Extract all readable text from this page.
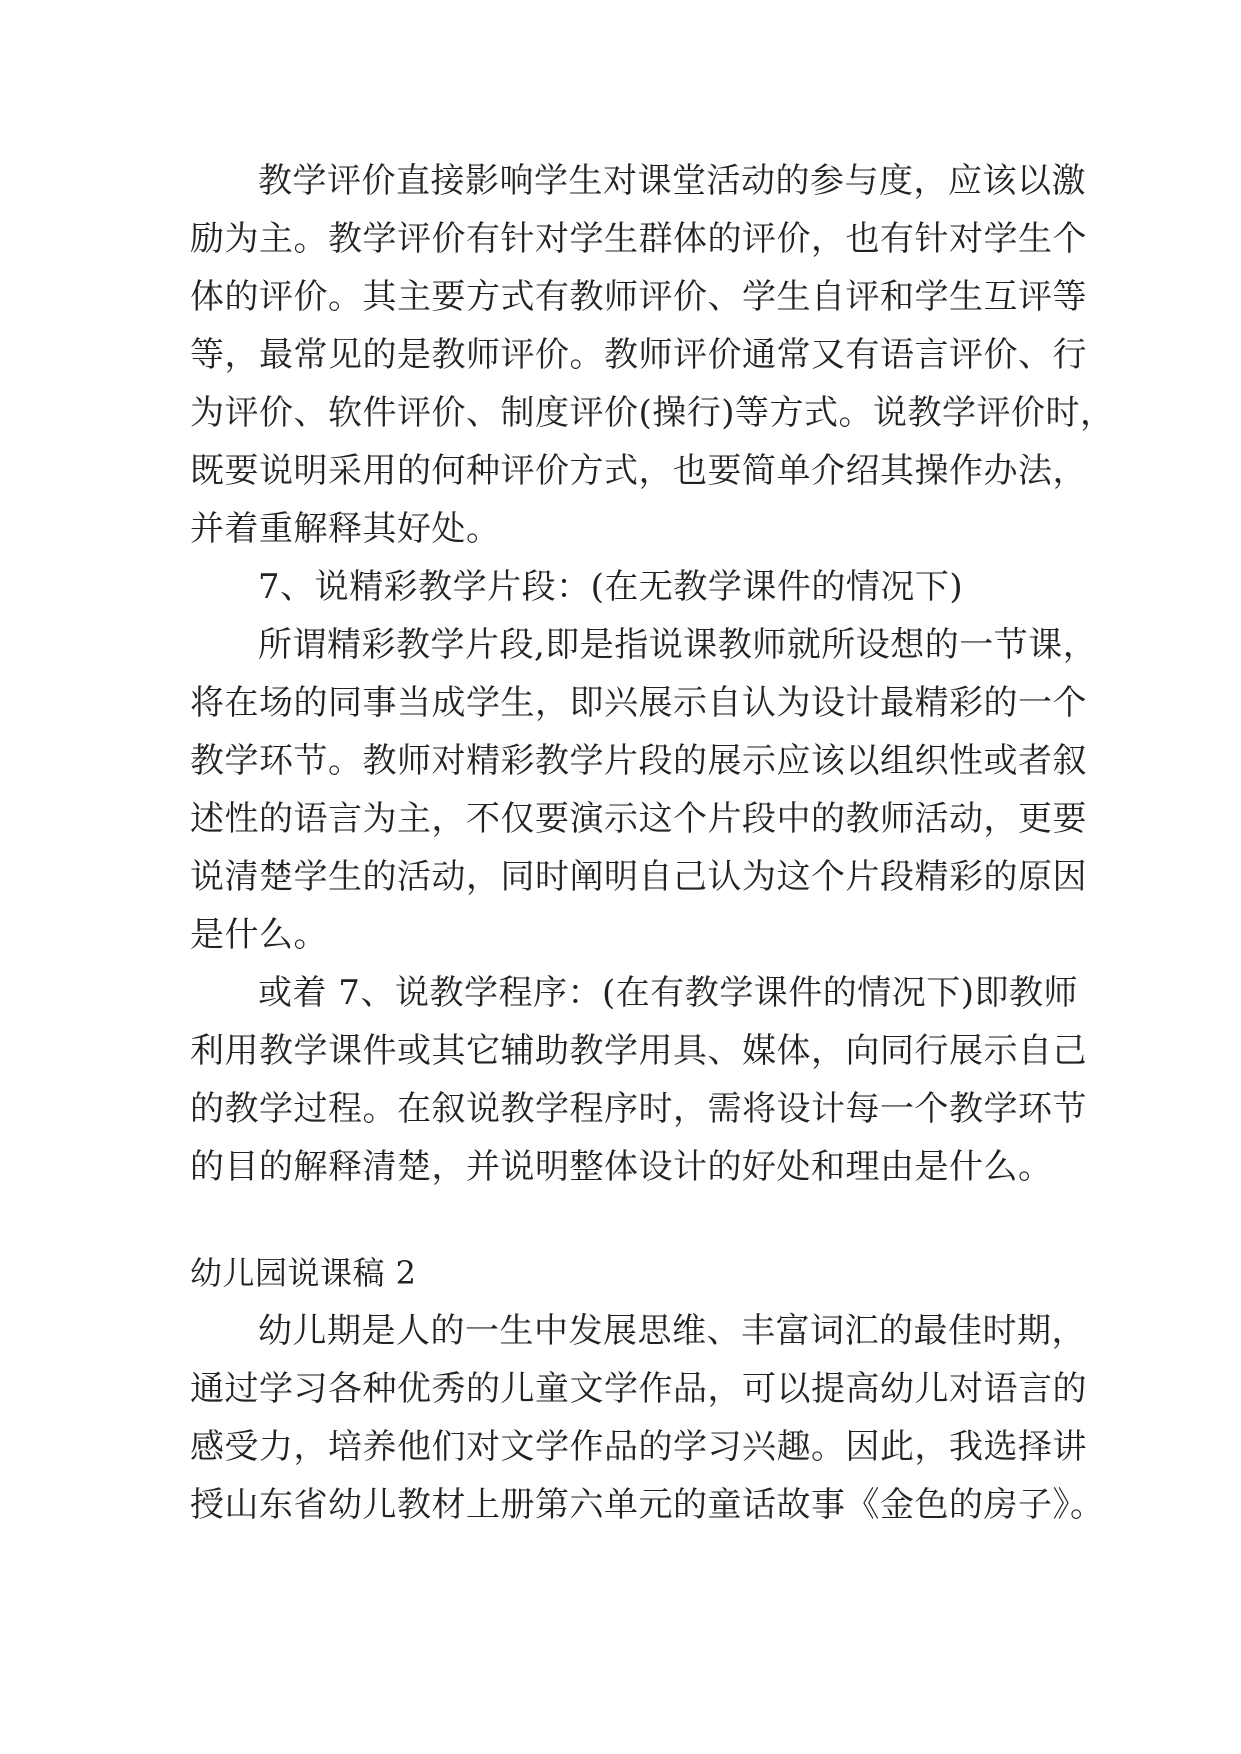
教学评价直接影响学生对课堂活动的参与度，应该以激
励为主。教学评价有针对学生群体的评价，也有针对学生个
体的评价。其主要方式有教师评价、学生自评和学生互评等
等，最常见的是教师评价。教师评价通常又有语言评价、行
为评价、软件评价、制度评价(操行)等方式。说教学评价时，
既要说明采用的何种评价方式，也要简单介绍其操作办法，
并着重解释其好处。
7、说精彩教学片段：(在无教学课件的情况下)
所谓精彩教学片段,即是指说课教师就所设想的一节课，
将在场的同事当成学生，即兴展示自认为设计最精彩的一个
教学环节。教师对精彩教学片段的展示应该以组织性或者叙
述性的语言为主，不仅要演示这个片段中的教师活动，更要
说清楚学生的活动，同时阐明自己认为这个片段精彩的原因
是什么。
或着 7、说教学程序：(在有教学课件的情况下)即教师
利用教学课件或其它辅助教学用具、媒体，向同行展示自己
的教学过程。在叙说教学程序时，需将设计每一个教学环节
的目的解释清楚，并说明整体设计的好处和理由是什么。
幼儿园说课稿 2
幼儿期是人的一生中发展思维、丰富词汇的最佳时期，
通过学习各种优秀的儿童文学作品，可以提高幼儿对语言的
感受力，培养他们对文学作品的学习兴趣。因此，我选择讲
授山东省幼儿教材上册第六单元的童话故事《金色的房子》。
